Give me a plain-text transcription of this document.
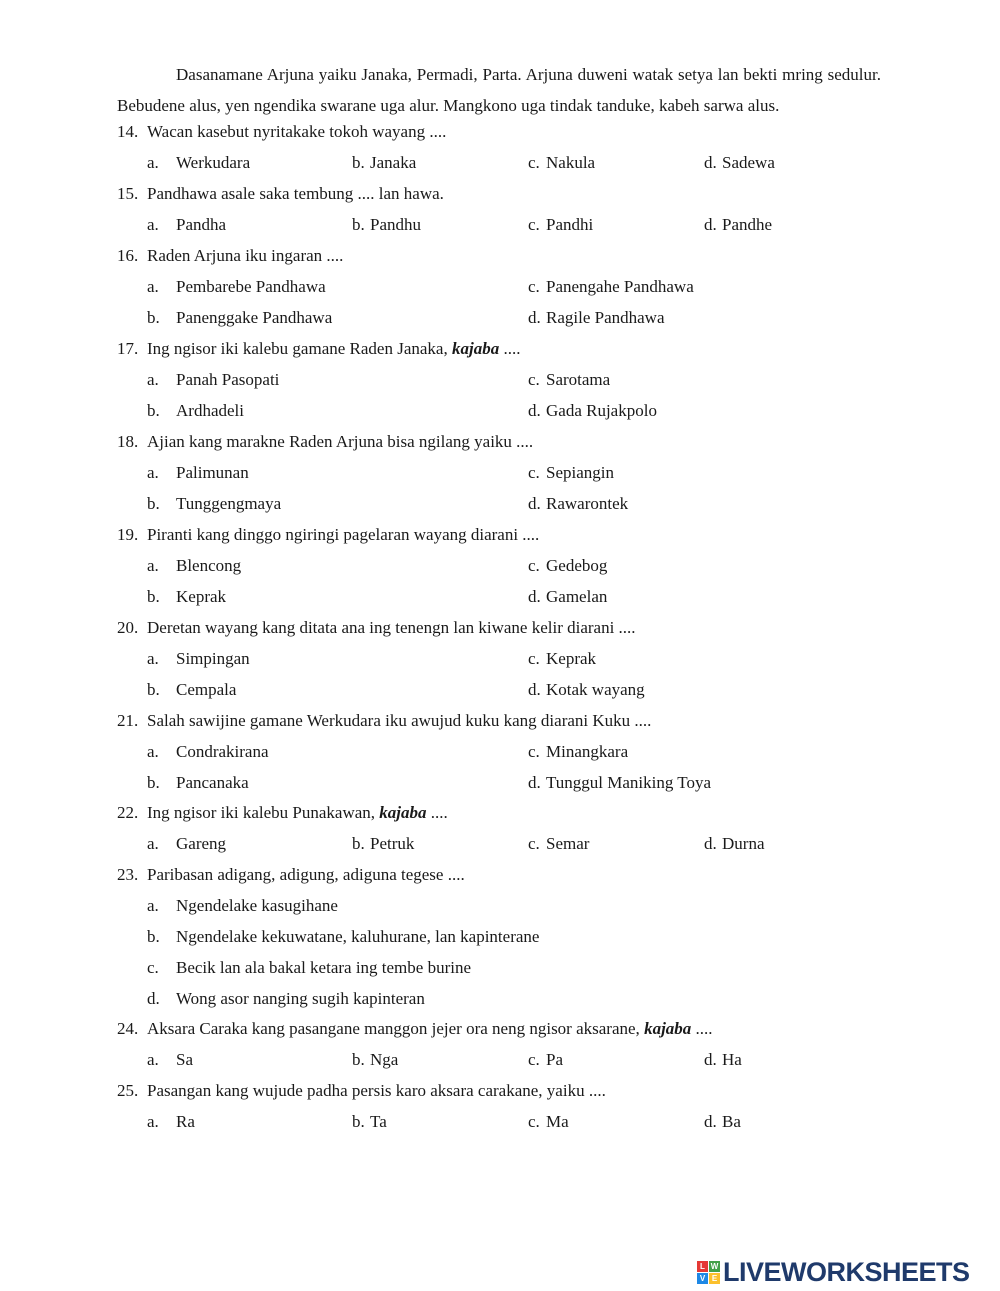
Dasanamane Arjuna yaiku Janaka, Permadi, Parta. Arjuna duweni watak setya lan bekti mring sedulur. Bebudene alus, yen ngendika swarane uga alur. Mangkono uga tindak tanduke, kabeh sarwa alus.

14. Wacan kasebut nyritakake tokoh wayang ....
a. Werkudara	b. Janaka	c. Nakula	d. Sadewa
15. Pandhawa asale saka tembung .... lan hawa.
a. Pandha	b. Pandhu	c. Pandhi	d. Pandhe
16. Raden Arjuna iku ingaran ....
a. Pembarebe Pandhawa	c. Panengahe Pandhawa
b. Panenggake Pandhawa	d. Ragile Pandhawa
17. Ing ngisor iki kalebu gamane Raden Janaka, kajaba ....
a. Panah Pasopati	c. Sarotama
b. Ardhadeli	d. Gada Rujakpolo
18. Ajian kang marakne Raden Arjuna bisa ngilang yaiku ....
a. Palimunan	c. Sepiangin
b. Tunggengmaya	d. Rawarontek
19. Piranti kang dinggo ngiringi pagelaran wayang diarani ....
a. Blencong	c. Gedebog
b. Keprak	d. Gamelan
20. Deretan wayang kang ditata ana ing tenengn lan kiwane kelir diarani ....
a. Simpingan	c. Keprak
b. Cempala	d. Kotak wayang
21. Salah sawijine gamane Werkudara iku awujud kuku kang diarani Kuku ....
a. Condrakirana	c. Minangkara
b. Pancanaka	d. Tunggul Maniking Toya
22. Ing ngisor iki kalebu Punakawan, kajaba ....
a. Gareng	b. Petruk	c. Semar	d. Durna
23. Paribasan adigang, adigung, adiguna tegese ....
a. Ngendelake kasugihane
b. Ngendelake kekuwatane, kaluhurane, lan kapinterane
c. Becik lan ala bakal ketara ing tembe burine
d. Wong asor nanging sugih kapinteran
24. Aksara Caraka kang pasangane manggon jejer ora neng ngisor aksarane, kajaba ....
a. Sa	b. Nga	c. Pa	d. Ha
25. Pasangan kang wujude padha persis karo aksara carakane, yaiku ....
a. Ra	b. Ta	c. Ma	d. Ba
L W
V E LIVEWORKSHEETS
